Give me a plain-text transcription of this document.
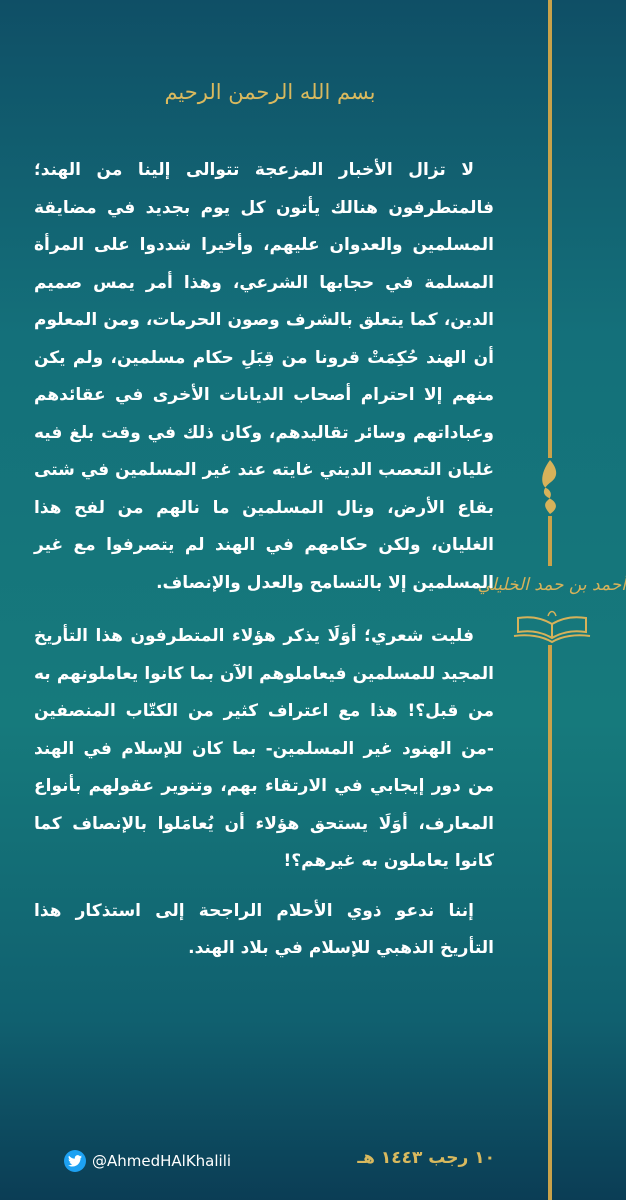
أحمد بن حمد الخليلي
بسم الله الرحمن الرحيم

لا تزال الأخبار المزعجة تتوالى إلينا من الهند؛ فالمتطرفون هنالك يأتون كل يوم بجديد في مضايقة المسلمين والعدوان عليهم، وأخيرا شددوا على المرأة المسلمة في حجابها الشرعي، وهذا أمر يمس صميم الدين، كما يتعلق بالشرف وصون الحرمات، ومن المعلوم أن الهند حُكِمَتْ قرونا من قِبَلِ حكام مسلمين، ولم يكن منهم إلا احترام أصحاب الديانات الأخرى في عقائدهم وعباداتهم وسائر تقاليدهم، وكان ذلك في وقت بلغ فيه غليان التعصب الديني غايته عند غير المسلمين في شتى بقاع الأرض، ونال المسلمين ما نالهم من لفح هذا الغليان، ولكن حكامهم في الهند لم يتصرفوا مع غير المسلمين إلا بالتسامح والعدل والإنصاف.

فليت شعري؛ أوَلَا يذكر هؤلاء المتطرفون هذا التأريخ المجيد للمسلمين فيعاملوهم الآن بما كانوا يعاملونهم به من قبل؟! هذا مع اعتراف كثير من الكتّاب المنصفين -من الهنود غير المسلمين- بما كان للإسلام في الهند من دور إيجابي في الارتقاء بهم، وتنوير عقولهم بأنواع المعارف، أوَلَا يستحق هؤلاء أن يُعامَلوا بالإنصاف كما كانوا يعاملون به غيرهم؟!

إننا ندعو ذوي الأحلام الراجحة إلى استذكار هذا التأريخ الذهبي للإسلام في بلاد الهند.

١٠ رجب ١٤٤٣ هـ
@AhmedHAlKhalili
